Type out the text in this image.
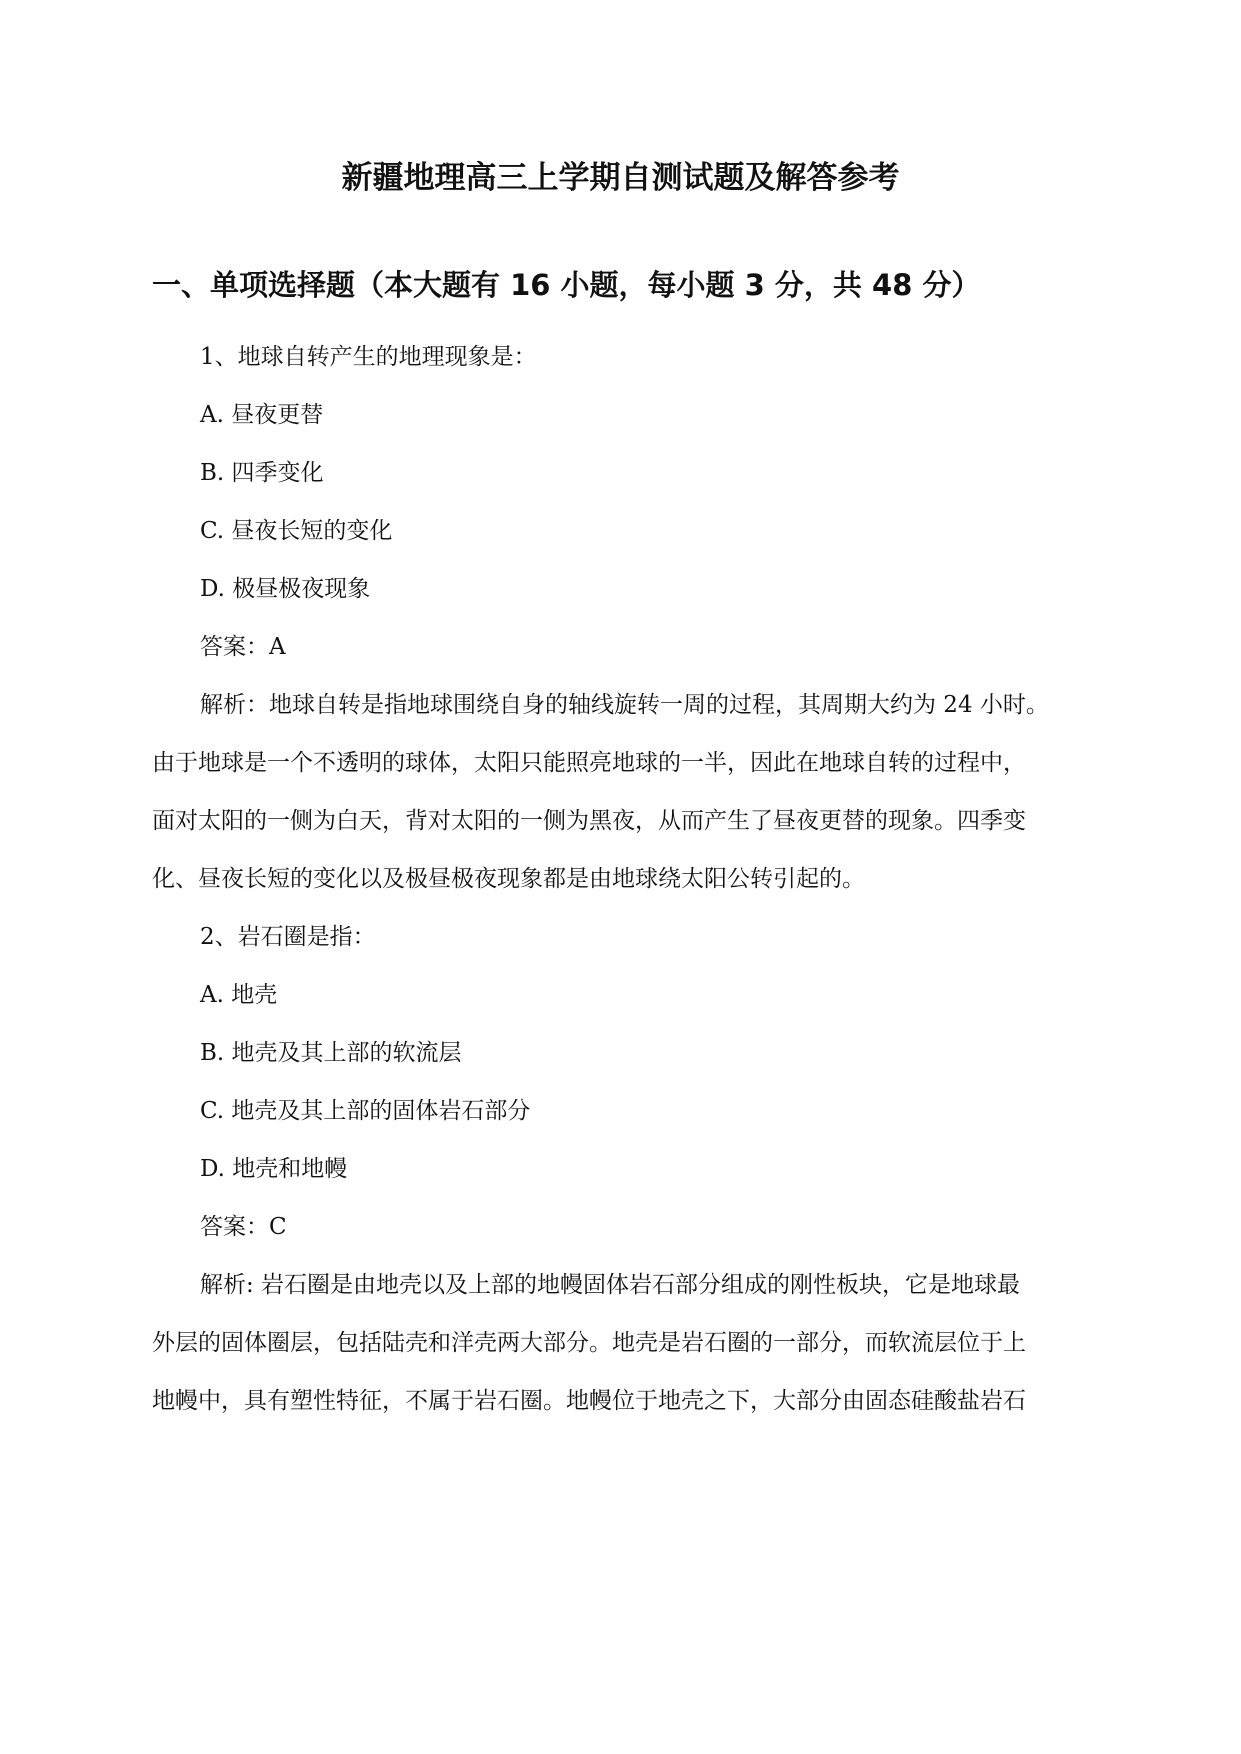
新疆地理高三上学期自测试题及解答参考
一、单项选择题（本大题有 16 小题，每小题 3 分，共 48 分）
1、地球自转产生的地理现象是：
A. 昼夜更替
B. 四季变化
C. 昼夜长短的变化
D. 极昼极夜现象
答案：A
解析：地球自转是指地球围绕自身的轴线旋转一周的过程，其周期大约为 24 小时。
由于地球是一个不透明的球体，太阳只能照亮地球的一半，因此在地球自转的过程中，
面对太阳的一侧为白天，背对太阳的一侧为黑夜，从而产生了昼夜更替的现象。四季变
化、昼夜长短的变化以及极昼极夜现象都是由地球绕太阳公转引起的。
2、岩石圈是指：
A. 地壳
B. 地壳及其上部的软流层
C. 地壳及其上部的固体岩石部分
D. 地壳和地幔
答案：C
解析: 岩石圈是由地壳以及上部的地幔固体岩石部分组成的刚性板块，它是地球最
外层的固体圈层，包括陆壳和洋壳两大部分。地壳是岩石圈的一部分，而软流层位于上
地幔中，具有塑性特征，不属于岩石圈。地幔位于地壳之下，大部分由固态硅酸盐岩石
